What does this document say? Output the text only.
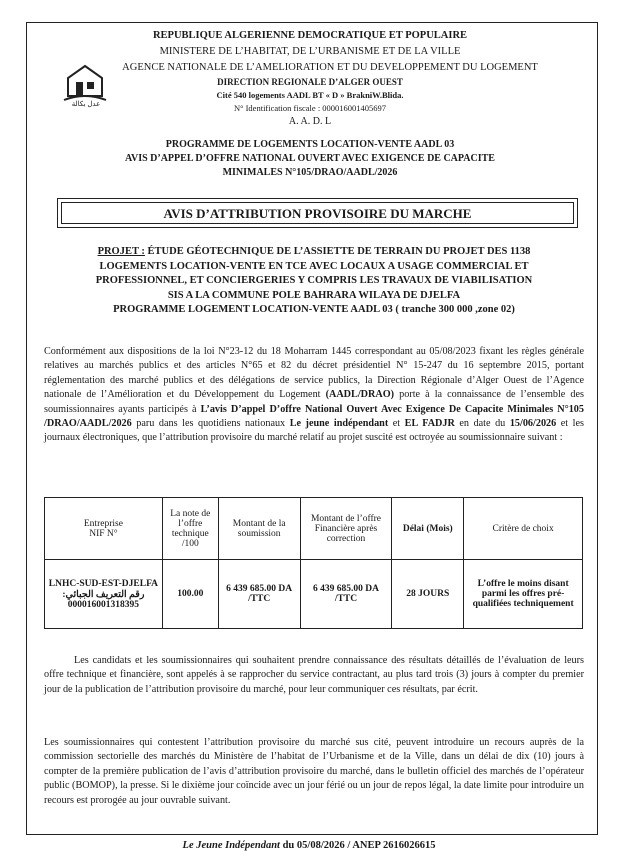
REPUBLIQUE ALGERIENNE DEMOCRATIQUE ET POPULAIRE
MINISTERE DE L’HABITAT, DE L’URBANISME ET DE LA VILLE
AGENCE NATIONALE DE L’AMELIORATION ET DU DEVELOPPEMENT DU LOGEMENT
DIRECTION REGIONALE D’ALGER OUEST
Cité 540 logements AADL BT « D » BrakniW.Blida.
N° Identification fiscale : 000016001405697
A. A. D. L
عدل بكالة
PROGRAMME DE LOGEMENTS LOCATION-VENTE AADL 03
AVIS D’APPEL D’OFFRE NATIONAL OUVERT AVEC EXIGENCE DE CAPACITE
MINIMALES N°105/DRAO/AADL/2026
AVIS D’ATTRIBUTION PROVISOIRE DU MARCHE
PROJET : ÉTUDE GÉOTECHNIQUE DE L’ASSIETTE DE TERRAIN DU PROJET DES 1138
LOGEMENTS LOCATION-VENTE EN TCE AVEC LOCAUX A USAGE COMMERCIAL ET
PROFESSIONNEL, ET CONCIERGERIES Y COMPRIS LES TRAVAUX DE VIABILISATION
SIS A LA COMMUNE POLE BAHRARA WILAYA DE DJELFA
PROGRAMME LOGEMENT LOCATION-VENTE AADL 03 ( tranche 300 000 ,zone 02)
Conformément aux dispositions de la loi N°23-12 du 18 Moharram 1445 correspondant au 05/08/2023 fixant les règles générale relatives au marchés publics et des articles N°65 et 82 du décret présidentiel N° 15-247 du 16 septembre 2015, portant réglementation des marché publics et des délégations de service publics, la Direction Régionale d’Alger Ouest de l’Agence nationale de l’Amélioration et du Développement du Logement (AADL/DRAO) porte à la connaissance de l’ensemble des soumissionnaires ayants participés à L’avis D’appel D’offre National Ouvert Avec Exigence De Capacite Minimales N°105 /DRAO/AADL/2026 paru dans les quotidiens nationaux Le jeune indépendant et EL FADJR en date du 15/06/2026 et les journaux électroniques, que l’attribution provisoire du marché relatif au projet suscité est octroyée au soumissionnaire suivant :
Entreprise
NIF N°	La note de l’offre technique /100	Montant de la soumission	Montant de l’offre Financière après correction	Délai (Mois)	Critère de choix

LNHC-SUD-EST-DJELFA
رقم التعريف الجبائي:
000016001318395	100.00	6 439 685.00 DA /TTC	6 439 685.00 DA /TTC	28 JOURS	L’offre le moins disant parmi les offres pré-qualifiées techniquement
Les candidats et les soumissionnaires qui souhaitent prendre connaissance des résultats détaillés de l’évaluation de leurs offre technique et financière, sont appelés à se rapprocher du service contractant, au plus tard trois (3) jours à compter du premier jour de la publication de l’attribution provisoire du marché, pour leur communiquer ces résultats, par écrit.
Les soumissionnaires qui contestent l’attribution provisoire du marché sus cité, peuvent introduire un recours auprès de la commission sectorielle des marchés du Ministère de l’habitat de l’Urbanisme et de la Ville, dans un délai de dix (10) jours à compter de la première publication de l’avis d’attribution provisoire du marché, dans le bulletin officiel des marchés de l’opérateur public (BOMOP), la presse. Si le dixième jour coïncide avec un jour férié ou un jour de repos légal, la date limite pour introduire un recours est prorogée au jour ouvrable suivant.
Le Jeune Indépendant du 05/08/2026 / ANEP 2616026615
